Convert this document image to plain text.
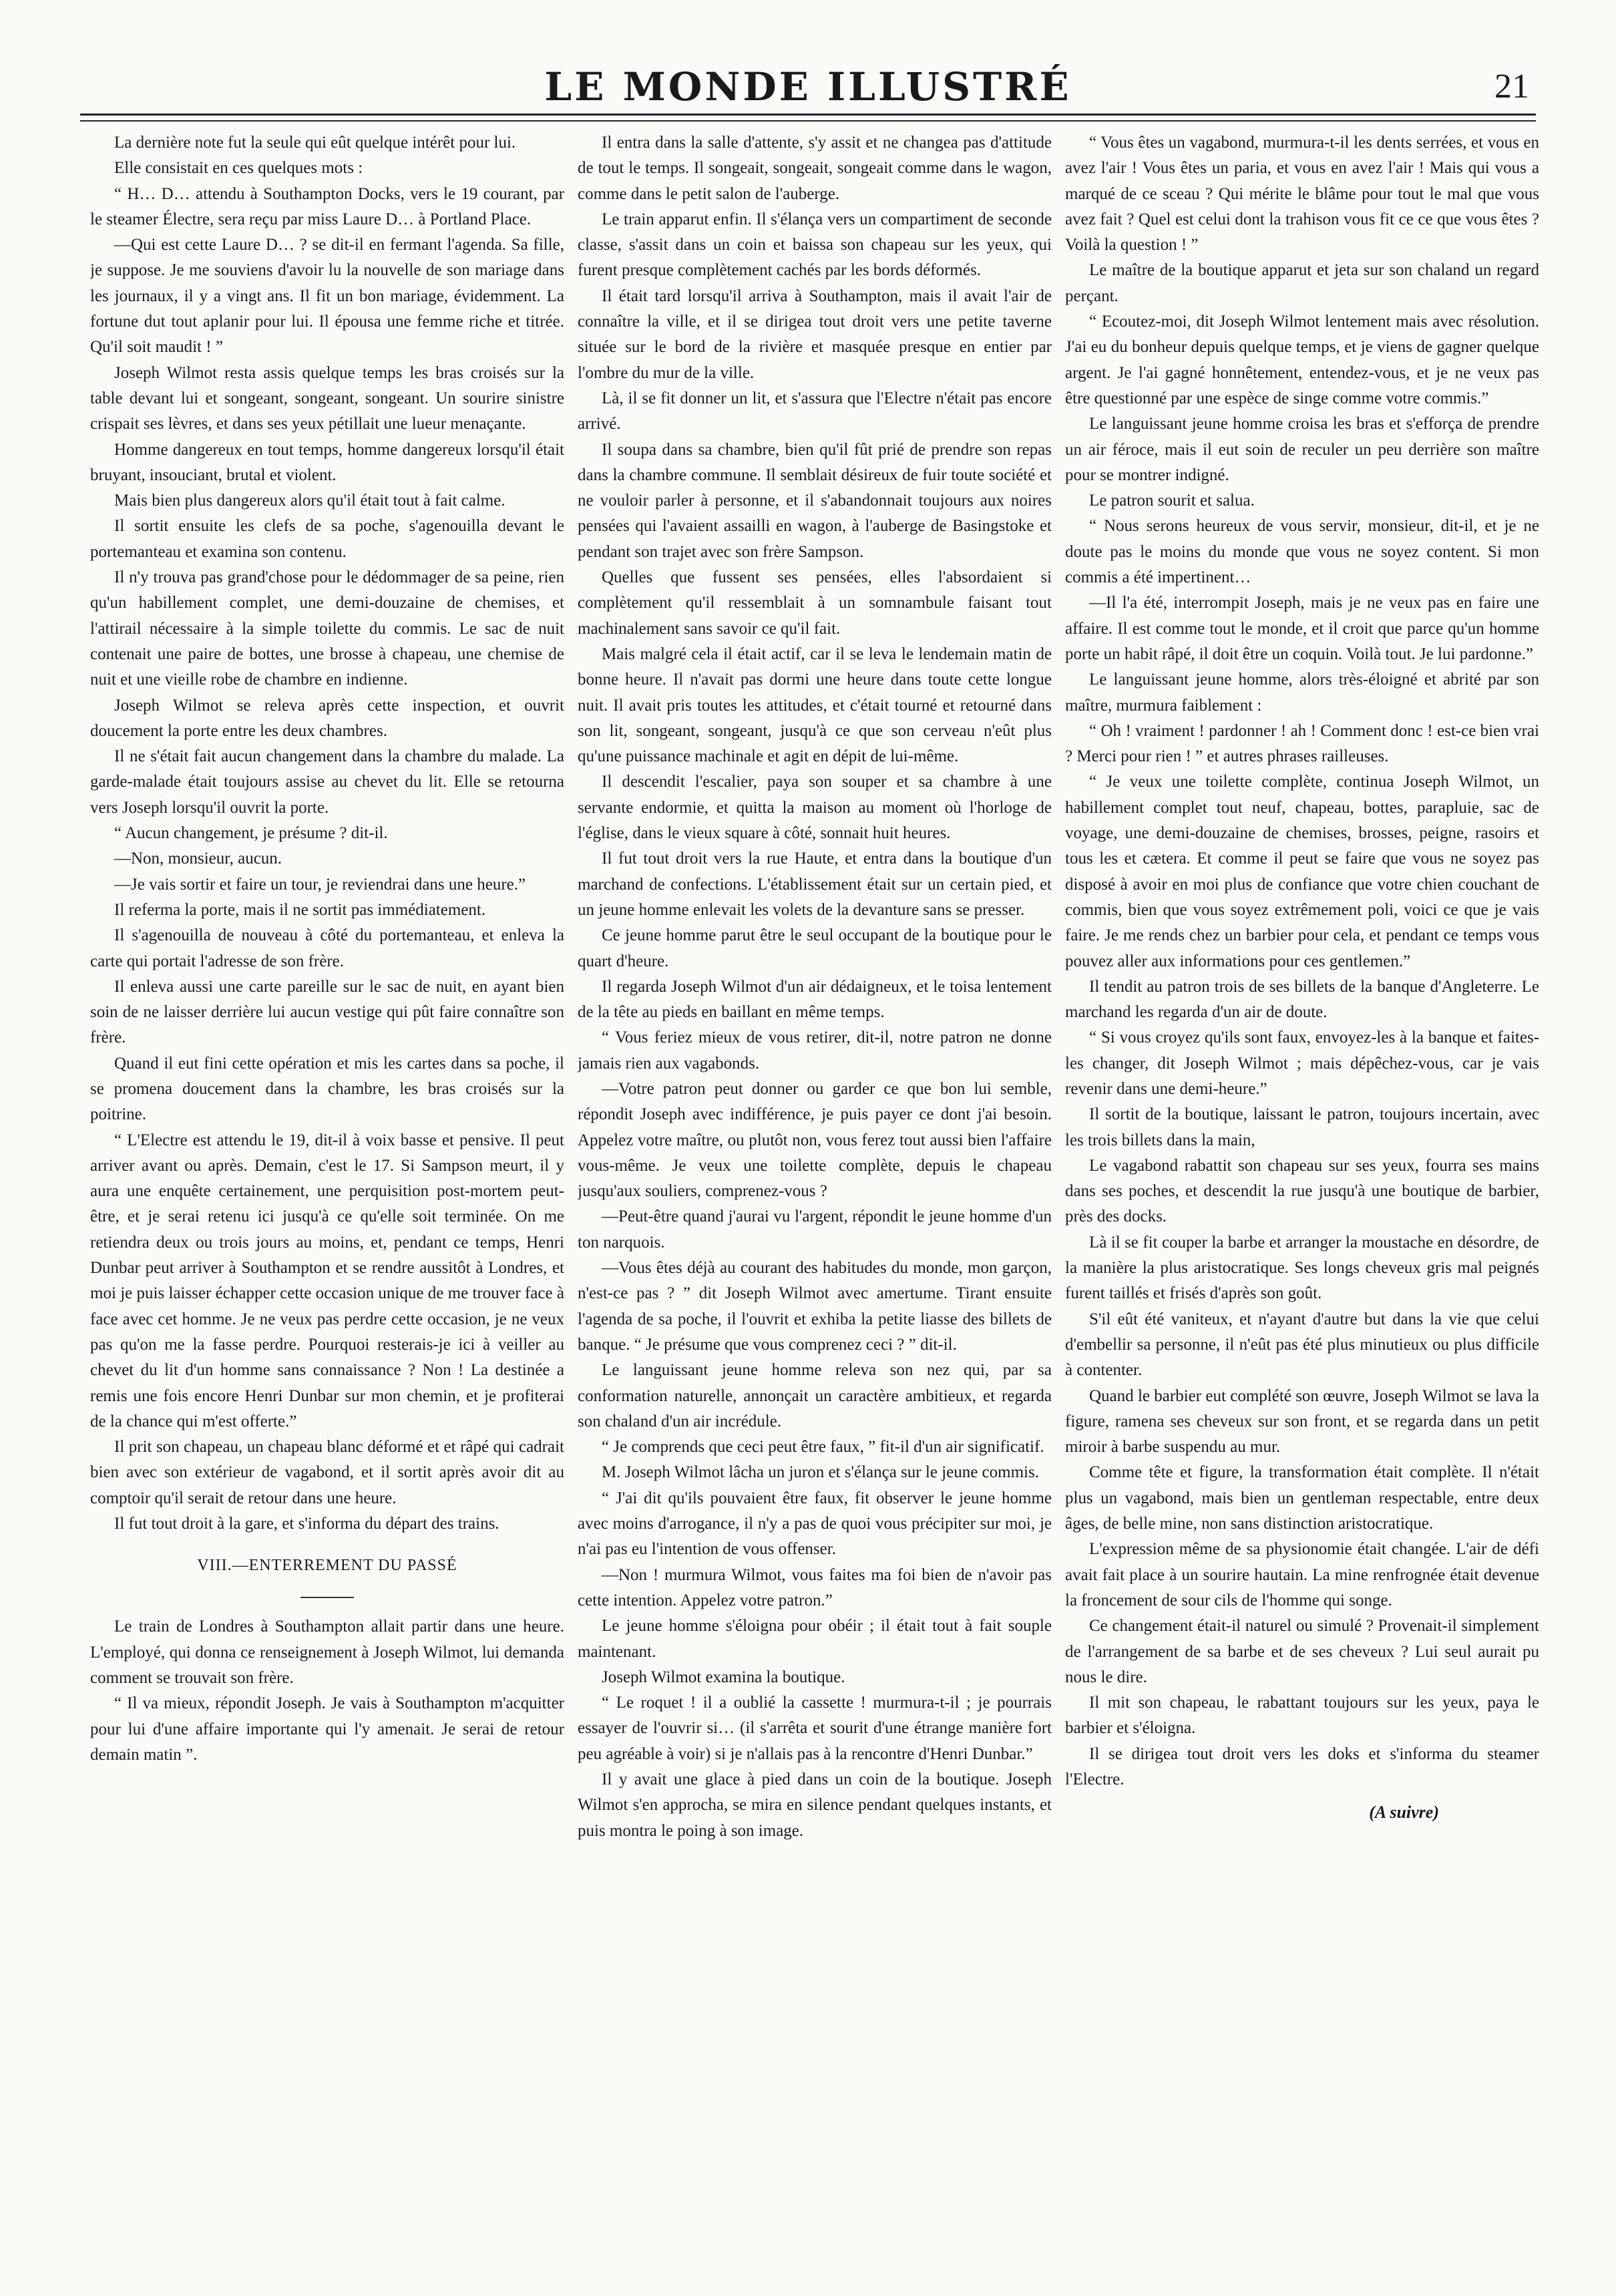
LE MONDE ILLUSTRÉ	21

La dernière note fut la seule qui eût quelque intérêt pour lui.

Elle consistait en ces quelques mots :

“ H… D… attendu à Southampton Docks, vers le 19 courant, par le steamer Électre, sera reçu par miss Laure D… à Portland Place.

—Qui est cette Laure D… ? se dit-il en fermant l'agenda. Sa fille, je suppose. Je me souviens d'avoir lu la nouvelle de son mariage dans les journaux, il y a vingt ans. Il fit un bon mariage, évidemment. La fortune dut tout aplanir pour lui. Il épousa une femme riche et titrée. Qu'il soit maudit ! ”

Joseph Wilmot resta assis quelque temps les bras croisés sur la table devant lui et songeant, songeant, songeant. Un sourire sinistre crispait ses lèvres, et dans ses yeux pétillait une lueur menaçante.

Homme dangereux en tout temps, homme dangereux lorsqu'il était bruyant, insouciant, brutal et violent.

Mais bien plus dangereux alors qu'il était tout à fait calme.

Il sortit ensuite les clefs de sa poche, s'agenouilla devant le portemanteau et examina son contenu.

Il n'y trouva pas grand'chose pour le dédommager de sa peine, rien qu'un habillement complet, une demi-douzaine de chemises, et l'attirail nécessaire à la simple toilette du commis. Le sac de nuit contenait une paire de bottes, une brosse à chapeau, une chemise de nuit et une vieille robe de chambre en indienne.

Joseph Wilmot se releva après cette inspection, et ouvrit doucement la porte entre les deux chambres.

Il ne s'était fait aucun changement dans la chambre du malade. La garde-malade était toujours assise au chevet du lit. Elle se retourna vers Joseph lorsqu'il ouvrit la porte.

“ Aucun changement, je présume ? dit-il.

—Non, monsieur, aucun.

—Je vais sortir et faire un tour, je reviendrai dans une heure.”

Il referma la porte, mais il ne sortit pas immédiatement.

Il s'agenouilla de nouveau à côté du portemanteau, et enleva la carte qui portait l'adresse de son frère.

Il enleva aussi une carte pareille sur le sac de nuit, en ayant bien soin de ne laisser derrière lui aucun vestige qui pût faire connaître son frère.

Quand il eut fini cette opération et mis les cartes dans sa poche, il se promena doucement dans la chambre, les bras croisés sur la poitrine.

“ L'Electre est attendu le 19, dit-il à voix basse et pensive. Il peut arriver avant ou après. Demain, c'est le 17. Si Sampson meurt, il y aura une enquête certainement, une perquisition post-mortem peut-être, et je serai retenu ici jusqu'à ce qu'elle soit terminée. On me retiendra deux ou trois jours au moins, et, pendant ce temps, Henri Dunbar peut arriver à Southampton et se rendre aussitôt à Londres, et moi je puis laisser échapper cette occasion unique de me trouver face à face avec cet homme. Je ne veux pas perdre cette occasion, je ne veux pas qu'on me la fasse perdre. Pourquoi resterais-je ici à veiller au chevet du lit d'un homme sans connaissance ? Non ! La destinée a remis une fois encore Henri Dunbar sur mon chemin, et je profiterai de la chance qui m'est offerte.”

Il prit son chapeau, un chapeau blanc déformé et et râpé qui cadrait bien avec son extérieur de vagabond, et il sortit après avoir dit au comptoir qu'il serait de retour dans une heure.

Il fut tout droit à la gare, et s'informa du départ des trains.

VIII.—ENTERREMENT DU PASSÉ

Le train de Londres à Southampton allait partir dans une heure. L'employé, qui donna ce renseignement à Joseph Wilmot, lui demanda comment se trouvait son frère.

“ Il va mieux, répondit Joseph. Je vais à Southampton m'acquitter pour lui d'une affaire importante qui l'y amenait. Je serai de retour demain matin ”.

Il entra dans la salle d'attente, s'y assit et ne changea pas d'attitude de tout le temps. Il songeait, songeait, songeait comme dans le wagon, comme dans le petit salon de l'auberge.

Le train apparut enfin. Il s'élança vers un compartiment de seconde classe, s'assit dans un coin et baissa son chapeau sur les yeux, qui furent presque complètement cachés par les bords déformés.

Il était tard lorsqu'il arriva à Southampton, mais il avait l'air de connaître la ville, et il se dirigea tout droit vers une petite taverne située sur le bord de la rivière et masquée presque en entier par l'ombre du mur de la ville.

Là, il se fit donner un lit, et s'assura que l'Electre n'était pas encore arrivé.

Il soupa dans sa chambre, bien qu'il fût prié de prendre son repas dans la chambre commune. Il semblait désireux de fuir toute société et ne vouloir parler à personne, et il s'abandonnait toujours aux noires pensées qui l'avaient assailli en wagon, à l'auberge de Basingstoke et pendant son trajet avec son frère Sampson.

Quelles que fussent ses pensées, elles l'absordaient si complètement qu'il ressemblait à un somnambule faisant tout machinalement sans savoir ce qu'il fait.

Mais malgré cela il était actif, car il se leva le lendemain matin de bonne heure. Il n'avait pas dormi une heure dans toute cette longue nuit. Il avait pris toutes les attitudes, et c'était tourné et retourné dans son lit, songeant, songeant, jusqu'à ce que son cerveau n'eût plus qu'une puissance machinale et agit en dépit de lui-même.

Il descendit l'escalier, paya son souper et sa chambre à une servante endormie, et quitta la maison au moment où l'horloge de l'église, dans le vieux square à côté, sonnait huit heures.

Il fut tout droit vers la rue Haute, et entra dans la boutique d'un marchand de confections. L'établissement était sur un certain pied, et un jeune homme enlevait les volets de la devanture sans se presser.

Ce jeune homme parut être le seul occupant de la boutique pour le quart d'heure.

Il regarda Joseph Wilmot d'un air dédaigneux, et le toisa lentement de la tête au pieds en baillant en même temps.

“ Vous feriez mieux de vous retirer, dit-il, notre patron ne donne jamais rien aux vagabonds.

—Votre patron peut donner ou garder ce que bon lui semble, répondit Joseph avec indifférence, je puis payer ce dont j'ai besoin. Appelez votre maître, ou plutôt non, vous ferez tout aussi bien l'affaire vous-même. Je veux une toilette complète, depuis le chapeau jusqu'aux souliers, comprenez-vous ?

—Peut-être quand j'aurai vu l'argent, répondit le jeune homme d'un ton narquois.

—Vous êtes déjà au courant des habitudes du monde, mon garçon, n'est-ce pas ? ” dit Joseph Wilmot avec amertume. Tirant ensuite l'agenda de sa poche, il l'ouvrit et exhiba la petite liasse des billets de banque. “ Je présume que vous comprenez ceci ? ” dit-il.

Le languissant jeune homme releva son nez qui, par sa conformation naturelle, annonçait un caractère ambitieux, et regarda son chaland d'un air incrédule.

“ Je comprends que ceci peut être faux, ” fit-il d'un air significatif.

M. Joseph Wilmot lâcha un juron et s'élança sur le jeune commis.

“ J'ai dit qu'ils pouvaient être faux, fit observer le jeune homme avec moins d'arrogance, il n'y a pas de quoi vous précipiter sur moi, je n'ai pas eu l'intention de vous offenser.

—Non ! murmura Wilmot, vous faites ma foi bien de n'avoir pas cette intention. Appelez votre patron.”

Le jeune homme s'éloigna pour obéir ; il était tout à fait souple maintenant.

Joseph Wilmot examina la boutique.

“ Le roquet ! il a oublié la cassette ! murmura-t-il ; je pourrais essayer de l'ouvrir si… (il s'arrêta et sourit d'une étrange manière fort peu agréable à voir) si je n'allais pas à la rencontre d'Henri Dunbar.”

Il y avait une glace à pied dans un coin de la boutique. Joseph Wilmot s'en approcha, se mira en silence pendant quelques instants, et puis montra le poing à son image.

“ Vous êtes un vagabond, murmura-t-il les dents serrées, et vous en avez l'air ! Vous êtes un paria, et vous en avez l'air ! Mais qui vous a marqué de ce sceau ? Qui mérite le blâme pour tout le mal que vous avez fait ? Quel est celui dont la trahison vous fit ce ce que vous êtes ? Voilà la question ! ”

Le maître de la boutique apparut et jeta sur son chaland un regard perçant.

“ Ecoutez-moi, dit Joseph Wilmot lentement mais avec résolution. J'ai eu du bonheur depuis quelque temps, et je viens de gagner quelque argent. Je l'ai gagné honnêtement, entendez-vous, et je ne veux pas être questionné par une espèce de singe comme votre commis.”

Le languissant jeune homme croisa les bras et s'efforça de prendre un air féroce, mais il eut soin de reculer un peu derrière son maître pour se montrer indigné.

Le patron sourit et salua.

“ Nous serons heureux de vous servir, monsieur, dit-il, et je ne doute pas le moins du monde que vous ne soyez content. Si mon commis a été impertinent…

—Il l'a été, interrompit Joseph, mais je ne veux pas en faire une affaire. Il est comme tout le monde, et il croit que parce qu'un homme porte un habit râpé, il doit être un coquin. Voilà tout. Je lui pardonne.”

Le languissant jeune homme, alors très-éloigné et abrité par son maître, murmura faiblement :

“ Oh ! vraiment ! pardonner ! ah ! Comment donc ! est-ce bien vrai ? Merci pour rien ! ” et autres phrases railleuses.

“ Je veux une toilette complète, continua Joseph Wilmot, un habillement complet tout neuf, chapeau, bottes, parapluie, sac de voyage, une demi-douzaine de chemises, brosses, peigne, rasoirs et tous les et cætera. Et comme il peut se faire que vous ne soyez pas disposé à avoir en moi plus de confiance que votre chien couchant de commis, bien que vous soyez extrêmement poli, voici ce que je vais faire. Je me rends chez un barbier pour cela, et pendant ce temps vous pouvez aller aux informations pour ces gentlemen.”

Il tendit au patron trois de ses billets de la banque d'Angleterre. Le marchand les regarda d'un air de doute.

“ Si vous croyez qu'ils sont faux, envoyez-les à la banque et faites-les changer, dit Joseph Wilmot ; mais dépêchez-vous, car je vais revenir dans une demi-heure.”

Il sortit de la boutique, laissant le patron, toujours incertain, avec les trois billets dans la main,

Le vagabond rabattit son chapeau sur ses yeux, fourra ses mains dans ses poches, et descendit la rue jusqu'à une boutique de barbier, près des docks.

Là il se fit couper la barbe et arranger la moustache en désordre, de la manière la plus aristocratique. Ses longs cheveux gris mal peignés furent taillés et frisés d'après son goût.

S'il eût été vaniteux, et n'ayant d'autre but dans la vie que celui d'embellir sa personne, il n'eût pas été plus minutieux ou plus difficile à contenter.

Quand le barbier eut complété son œuvre, Joseph Wilmot se lava la figure, ramena ses cheveux sur son front, et se regarda dans un petit miroir à barbe suspendu au mur.

Comme tête et figure, la transformation était complète. Il n'était plus un vagabond, mais bien un gentleman respectable, entre deux âges, de belle mine, non sans distinction aristocratique.

L'expression même de sa physionomie était changée. L'air de défi avait fait place à un sourire hautain. La mine renfrognée était devenue la froncement de sour cils de l'homme qui songe.

Ce changement était-il naturel ou simulé ? Provenait-il simplement de l'arrangement de sa barbe et de ses cheveux ? Lui seul aurait pu nous le dire.

Il mit son chapeau, le rabattant toujours sur les yeux, paya le barbier et s'éloigna.

Il se dirigea tout droit vers les doks et s'informa du steamer l'Electre.

(A suivre)
